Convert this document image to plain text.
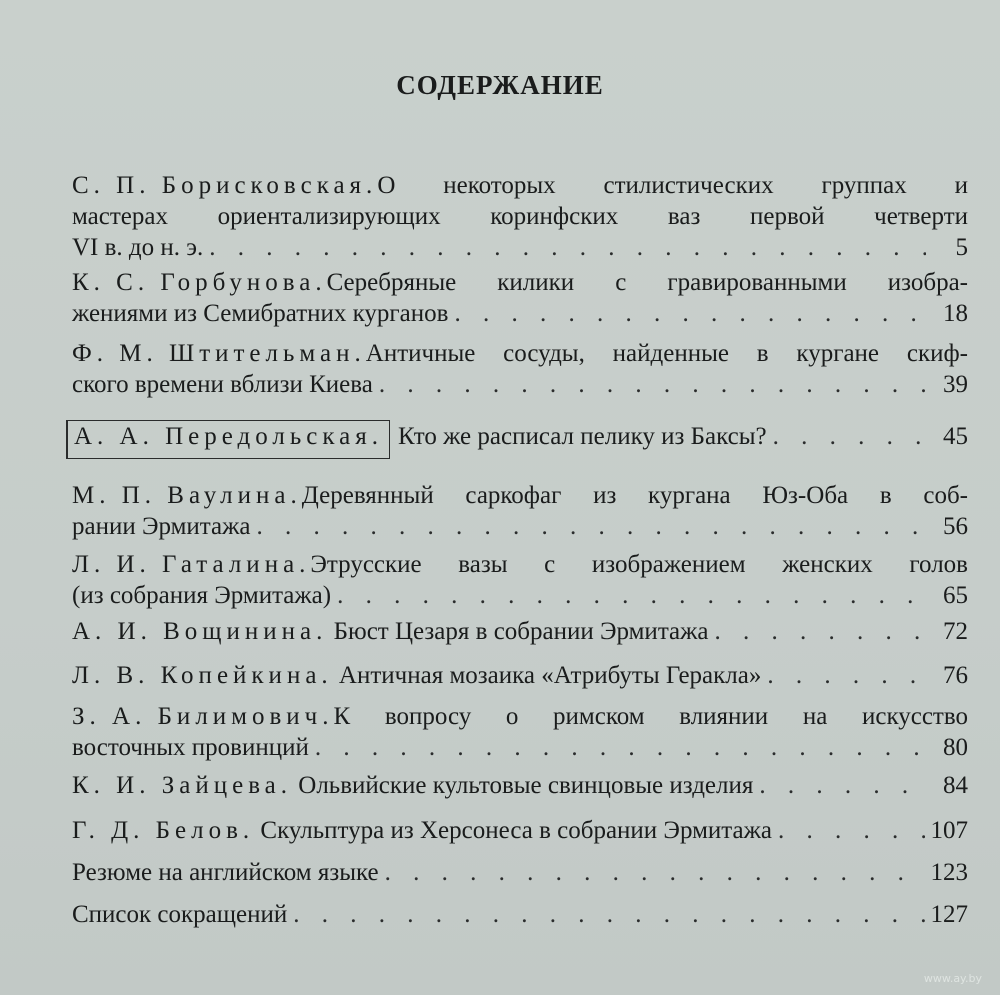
СОДЕРЖАНИЕ
С. П. Борисковская. О некоторых стилистических группах и
мастерах ориентализирующих коринфских ваз первой четверти
VI в. до н. э. . . .	5
К. С. Горбунова. Серебряные килики с гравированными изобра-
жениями из Семибратних курганов . . .	18
Ф. М. Штительман. Античные сосуды, найденные в кургане скиф-
ского времени вблизи Киева . . .	39
А. А. Передольская. Кто же расписал пелику из Баксы? . . .	45
М. П. Ваулина. Деревянный саркофаг из кургана Юз-Оба в соб-
рании Эрмитажа . . .	56
Л. И. Гаталина. Этрусские вазы с изображением женских голов
(из собрания Эрмитажа) . . .	65
А. И. Вощинина.
Бюст Цезаря в собрании Эрмитажа . . .	72
Л. В. Копейкина.
Античная мозаика «Атрибуты Геракла» . . .	76
З. А. Билимович. К вопросу о римском влиянии на искусство
восточных провинций . . .	80
К. И. Зайцева.
Ольвийские культовые свинцовые изделия . . .	84
Г. Д. Белов.
Скульптура из Херсонеса в собрании Эрмитажа . . .	107
Резюме на английском языке . . .	123
Список сокращений . . .	127
www.ay.by
